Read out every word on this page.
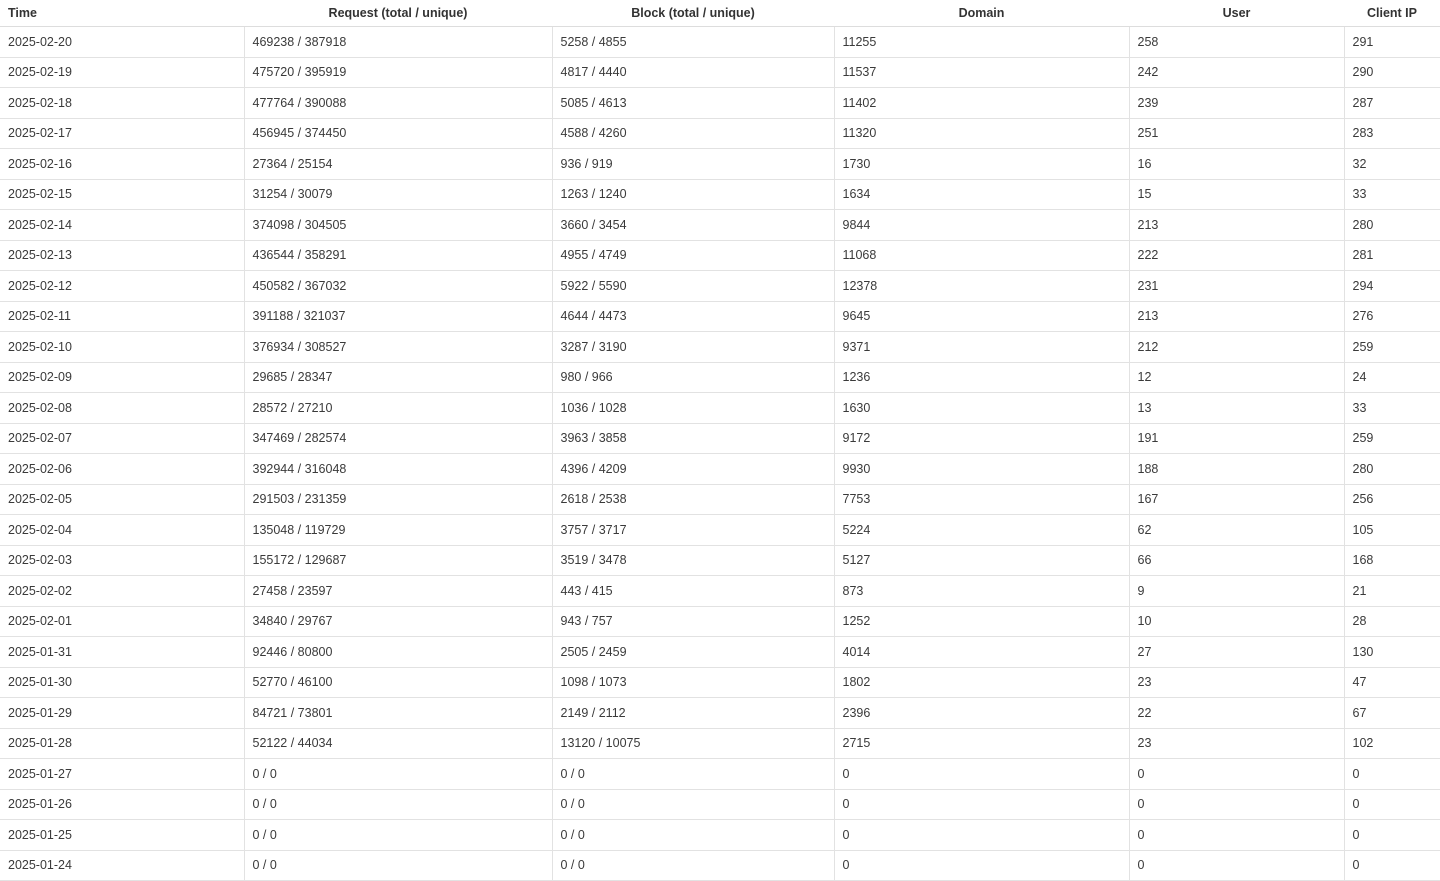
Time	Request (total / unique)	Block (total / unique)	Domain	User	Client IP
2025-02-20	469238 / 387918	5258 / 4855	11255	258	291
2025-02-19	475720 / 395919	4817 / 4440	11537	242	290
2025-02-18	477764 / 390088	5085 / 4613	11402	239	287
2025-02-17	456945 / 374450	4588 / 4260	11320	251	283
2025-02-16	27364 / 25154	936 / 919	1730	16	32
2025-02-15	31254 / 30079	1263 / 1240	1634	15	33
2025-02-14	374098 / 304505	3660 / 3454	9844	213	280
2025-02-13	436544 / 358291	4955 / 4749	11068	222	281
2025-02-12	450582 / 367032	5922 / 5590	12378	231	294
2025-02-11	391188 / 321037	4644 / 4473	9645	213	276
2025-02-10	376934 / 308527	3287 / 3190	9371	212	259
2025-02-09	29685 / 28347	980 / 966	1236	12	24
2025-02-08	28572 / 27210	1036 / 1028	1630	13	33
2025-02-07	347469 / 282574	3963 / 3858	9172	191	259
2025-02-06	392944 / 316048	4396 / 4209	9930	188	280
2025-02-05	291503 / 231359	2618 / 2538	7753	167	256
2025-02-04	135048 / 119729	3757 / 3717	5224	62	105
2025-02-03	155172 / 129687	3519 / 3478	5127	66	168
2025-02-02	27458 / 23597	443 / 415	873	9	21
2025-02-01	34840 / 29767	943 / 757	1252	10	28
2025-01-31	92446 / 80800	2505 / 2459	4014	27	130
2025-01-30	52770 / 46100	1098 / 1073	1802	23	47
2025-01-29	84721 / 73801	2149 / 2112	2396	22	67
2025-01-28	52122 / 44034	13120 / 10075	2715	23	102
2025-01-27	0 / 0	0 / 0	0	0	0
2025-01-26	0 / 0	0 / 0	0	0	0
2025-01-25	0 / 0	0 / 0	0	0	0
2025-01-24	0 / 0	0 / 0	0	0	0
